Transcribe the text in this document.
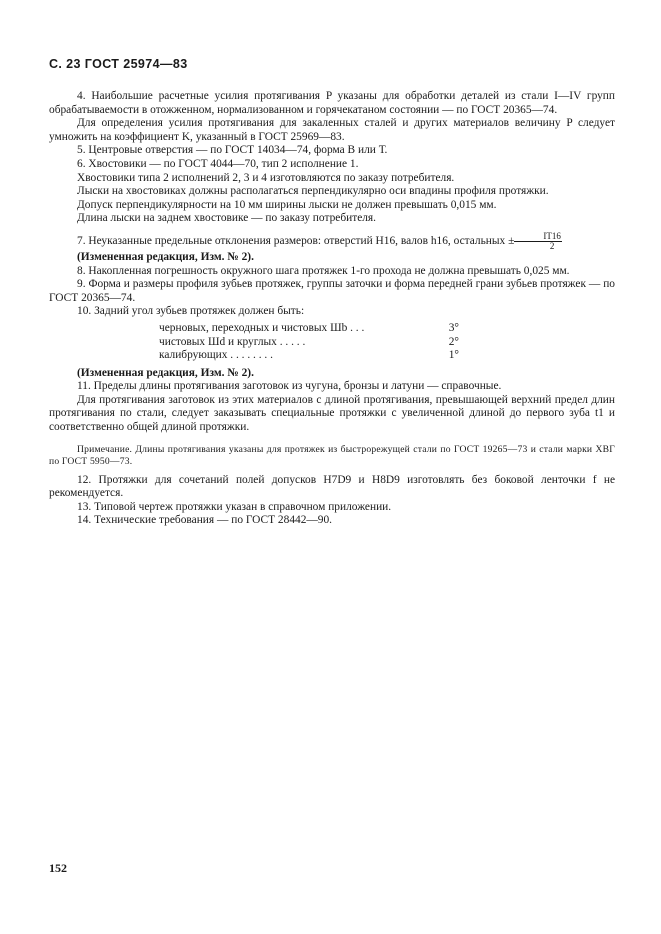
С. 23 ГОСТ 25974—83

4. Наибольшие расчетные усилия протягивания P указаны для обработки деталей из стали I—IV групп обрабатываемости в отожженном, нормализованном и горячекатаном состоянии — по ГОСТ 20365—74.

Для определения усилия протягивания для закаленных сталей и других материалов величину P следует умножить на коэффициент K, указанный в ГОСТ 25969—83.

5. Центровые отверстия — по ГОСТ 14034—74, форма В или Т.

6. Хвостовики — по ГОСТ 4044—70, тип 2 исполнение 1.

Хвостовики типа 2 исполнений 2, 3 и 4 изготовляются по заказу потребителя.

Лыски на хвостовиках должны располагаться перпендикулярно оси впадины профиля протяжки.

Допуск перпендикулярности на 10 мм ширины лыски не должен превышать 0,015 мм.

Длина лыски на заднем хвостовике — по заказу потребителя.

7. Неуказанные предельные отклонения размеров: отверстий H16, валов h16, остальных ± $\frac{IT16}{2}$

(Измененная редакция, Изм. № 2).

8. Накопленная погрешность окружного шага протяжек 1-го прохода не должна превышать 0,025 мм.

9. Форма и размеры профиля зубьев протяжек, группы заточки и форма передней грани зубьев протяжек — по ГОСТ 20365—74.

10. Задний угол зубьев протяжек должен быть:

черновых, переходных и чистовых Шb . . .	3°
чистовых Шd и круглых . . . . .	2°
калибрующих . . . . . . . .	1°

(Измененная редакция, Изм. № 2).

11. Пределы длины протягивания заготовок из чугуна, бронзы и латуни — справочные.

Для протягивания заготовок из этих материалов с длиной протягивания, превышающей верхний предел длин протягивания по стали, следует заказывать специальные протяжки с увеличенной длиной до первого зуба t1 и соответственно общей длиной протяжки.

Примечание. Длины протягивания указаны для протяжек из быстрорежущей стали по ГОСТ 19265—73 и стали марки ХВГ по ГОСТ 5950—73.

12. Протяжки для сочетаний полей допусков H7D9 и H8D9 изготовлять без боковой ленточки f не рекомендуется.

13. Типовой чертеж протяжки указан в справочном приложении.

14. Технические требования — по ГОСТ 28442—90.

152
